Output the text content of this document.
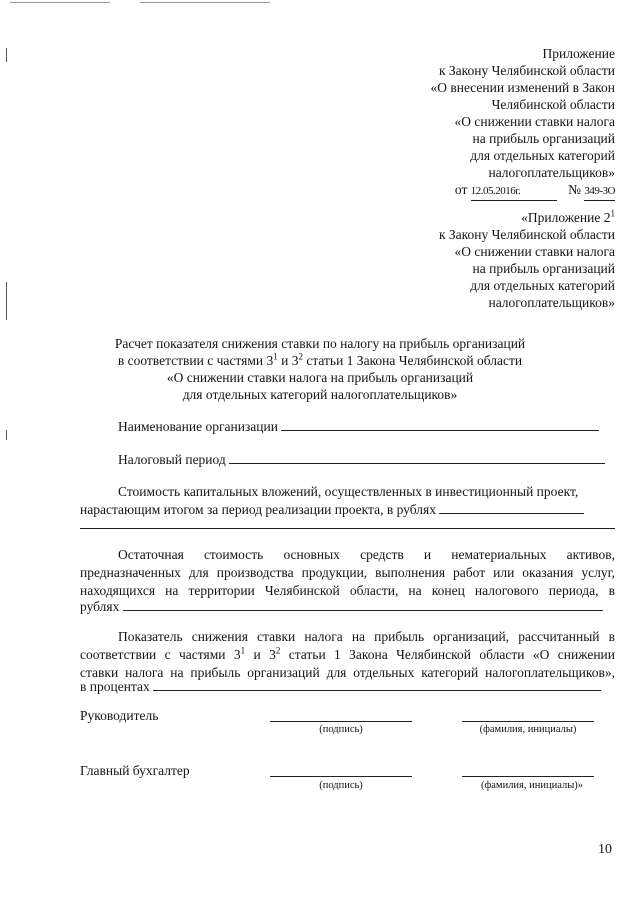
Приложение
к Закону Челябинской области
«О внесении изменений в Закон
Челябинской области
«О снижении ставки налога
на прибыль организаций
для отдельных категорий
налогоплательщиков»
от 12.05.2016г.	№ 349-ЗО
«Приложение $2^1$
к Закону Челябинской области
«О снижении ставки налога
на прибыль организаций
для отдельных категорий
налогоплательщиков»
Расчет показателя снижения ставки по налогу на прибыль организаций
в соответствии с частями $3^1$ и $3^2$ статьи 1 Закона Челябинской области
«О снижении ставки налога на прибыль организаций
для отдельных категорий налогоплательщиков»
Наименование организации
Налоговый период
Стоимость капитальных вложений, осуществленных в инвестиционный проект,
нарастающим итогом за период реализации проекта, в рублях
Остаточная стоимость основных средств и нематериальных активов,
предназначенных для производства продукции, выполнения работ или оказания услуг,
находящихся на территории Челябинской области, на конец налогового периода, в
рублях
Показатель снижения ставки налога на прибыль организаций, рассчитанный в
соответствии с частями $3^1$ и $3^2$ статьи 1 Закона Челябинской области «О снижении
ставки налога на прибыль организаций для отдельных категорий налогоплательщиков»,
в процентах
Руководитель
(подпись)	(фамилия, инициалы)
Главный бухгалтер
(подпись)	(фамилия, инициалы)»
10
